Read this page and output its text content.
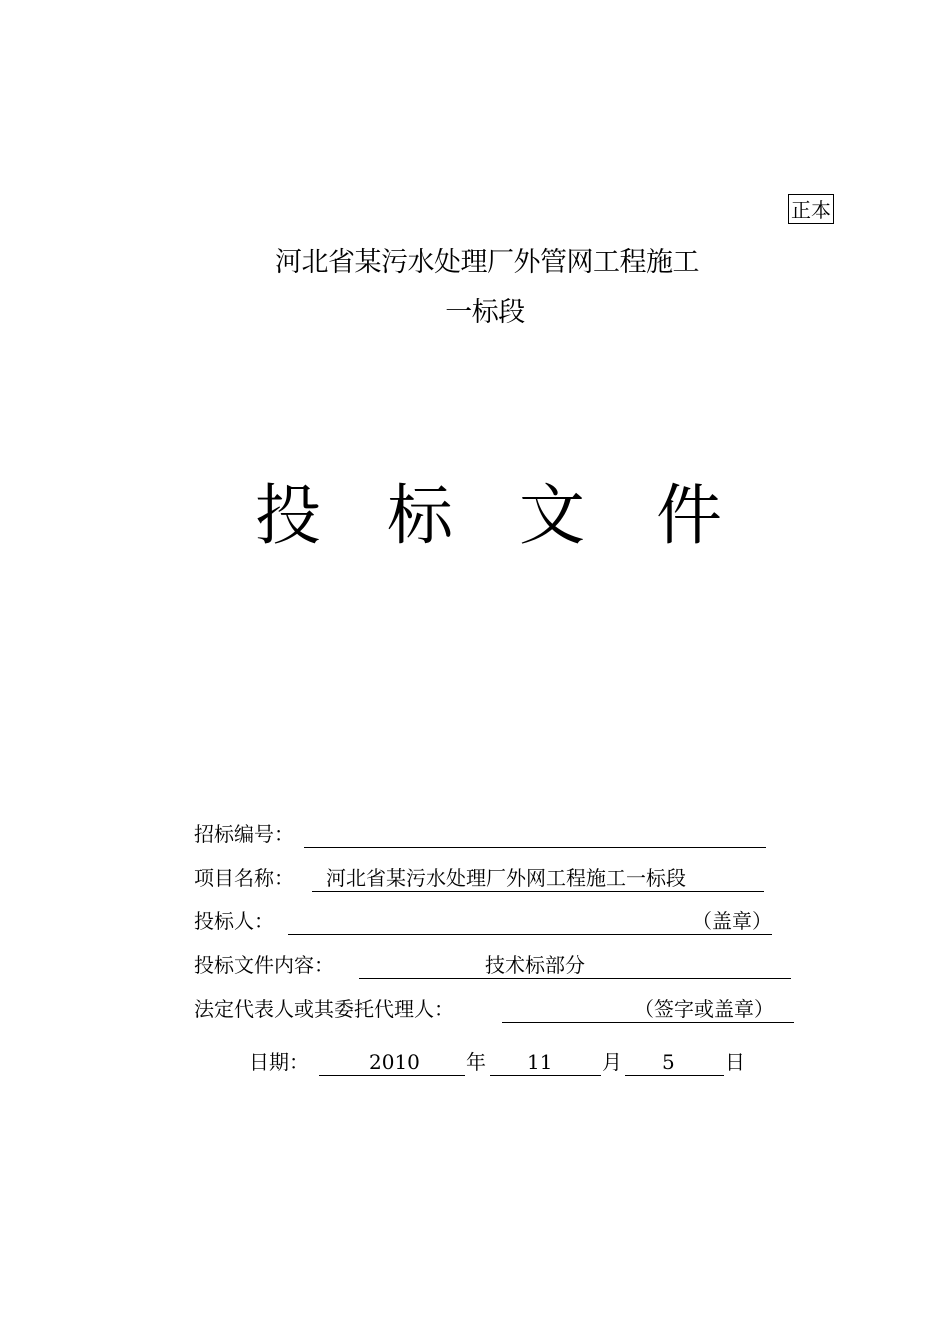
正本
河北省某污水处理厂外管网工程施工
一标段
投 标 文 件
招标编号：
项目名称： 河北省某污水处理厂外网工程施工一标段
投标人：	（盖章）
投标文件内容：	技术标部分
法定代表人或其委托代理人：	（签字或盖章）
日期：	2010 年 11 月 5	日
